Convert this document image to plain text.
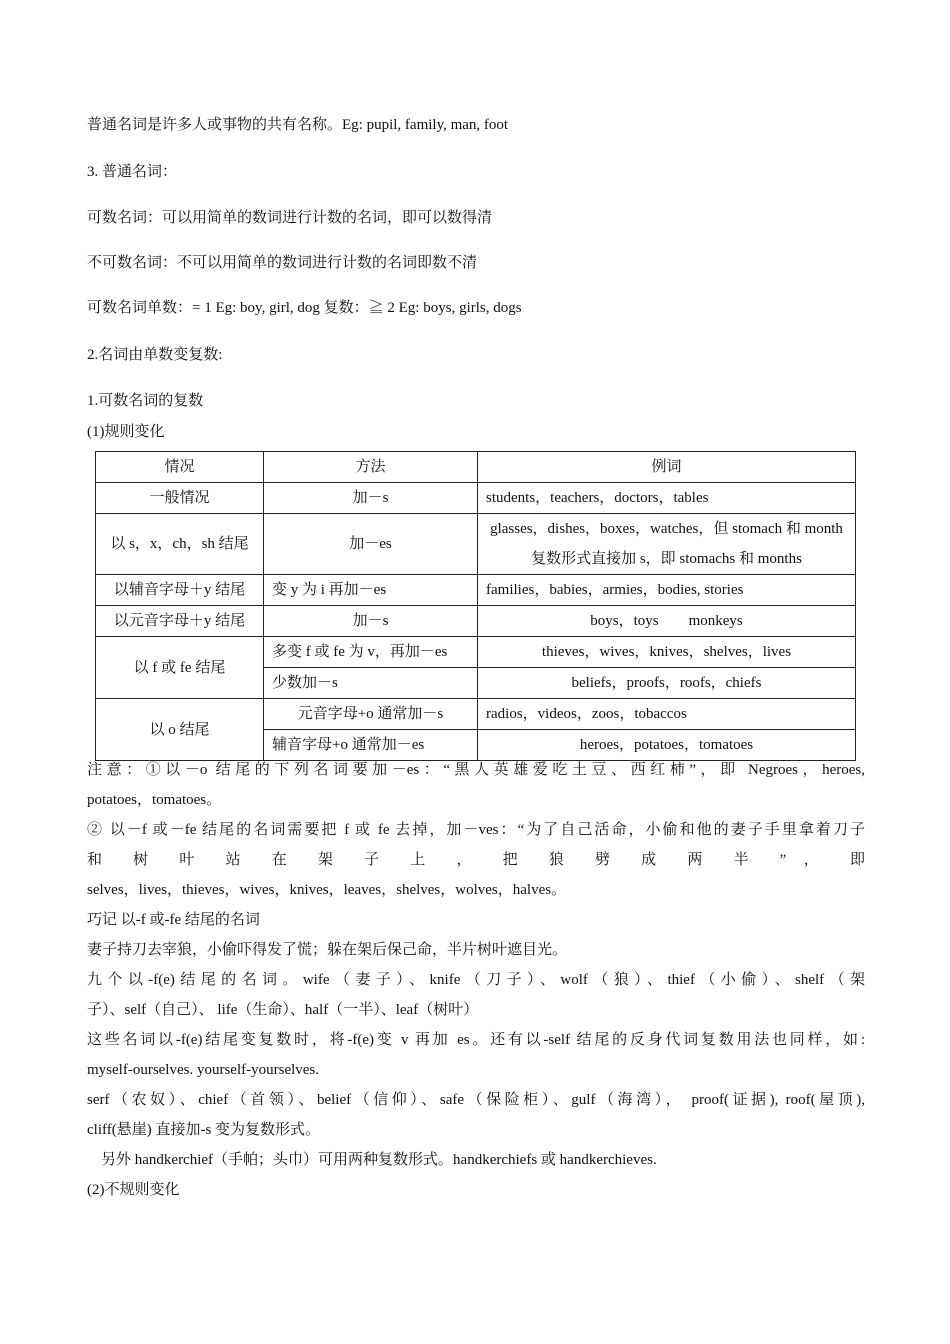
普通名词是许多人或事物的共有名称。Eg: pupil, family, man, foot
3. 普通名词：
可数名词：可以用简单的数词进行计数的名词，即可以数得清
不可数名词：不可以用简单的数词进行计数的名词即数不清
可数名词单数：= 1 Eg: boy, girl, dog 复数：≧ 2 Eg: boys, girls, dogs
2.名词由单数变复数:
1.可数名词的复数
(1)规则变化
情况	方法	例词
一般情况	加－s	students，teachers，doctors，tables
以 s，x，ch，sh 结尾	加－es	glasses，dishes，boxes，watches，但 stomach 和 month 复数形式直接加 s，即 stomachs 和 months
以辅音字母＋y 结尾	变 y 为 i 再加－es	families，babies，armies，bodies, stories
以元音字母＋y 结尾	加－s	boys，toys        monkeys
以 f 或 fe 结尾	多变 f 或 fe 为 v，再加－es	thieves，wives，knives，shelves，lives
	少数加－s	beliefs，proofs，roofs，chiefs
以 o 结尾	元音字母+o 通常加－s	radios，videos，zoos，tobaccos
	辅音字母+o 通常加－es	heroes，potatoes，tomatoes
注意：①以－o 结尾的下列名词要加－es：“黑人英雄爱吃土豆、西红柿”，即 Negroes，heroes,
potatoes，tomatoes。
② 以－f 或－fe 结尾的名词需要把 f 或 fe 去掉，加－ves：“为了自己活命，小偷和他的妻子手里拿着刀子
和 树 叶 站 在 架 子 上 ， 把 狼 劈 成 两 半 ” ， 即
selves，lives，thieves，wives，knives，leaves，shelves，wolves，halves。
巧记 以-f 或-fe 结尾的名词
妻子持刀去宰狼，小偷吓得发了慌；躲在架后保己命，半片树叶遮目光。
九个以-f(e)结尾的名词。wife（妻子）、knife（刀子）、wolf（狼）、thief（小偷）、shelf（架
子）、self（自己）、 life（生命）、half（一半）、leaf（树叶）
这些名词以-f(e)结尾变复数时，将-f(e)变 v 再加 es。还有以-self 结尾的反身代词复数用法也同样，如:
myself-ourselves. yourself-yourselves.
serf（农奴）、chief（首领）、belief（信仰）、safe（保险柜）、gulf（海湾）， proof(证据), roof(屋顶),
cliff(悬崖) 直接加-s 变为复数形式。
另外 handkerchief（手帕；头巾）可用两种复数形式。handkerchiefs 或 handkerchieves.
(2)不规则变化
